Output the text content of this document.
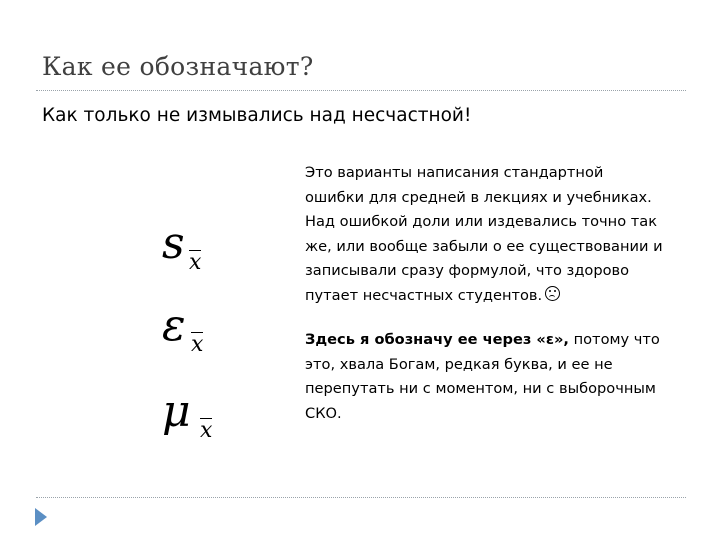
Как ее обозначают?
Как только не измывались над несчастной!
s x
ε x
μ x

Это варианты написания стандартной ошибки для средней в лекциях и учебниках. Над ошибкой доли или издевались точно так же, или вообще забыли о ее существовании и записывали сразу формулой, что здорово путает несчастных студентов.

Здесь я обозначу ее через «ε», потому что это, хвала Богам, редкая буква, и ее не перепутать ни с моментом, ни с выборочным СКО.
